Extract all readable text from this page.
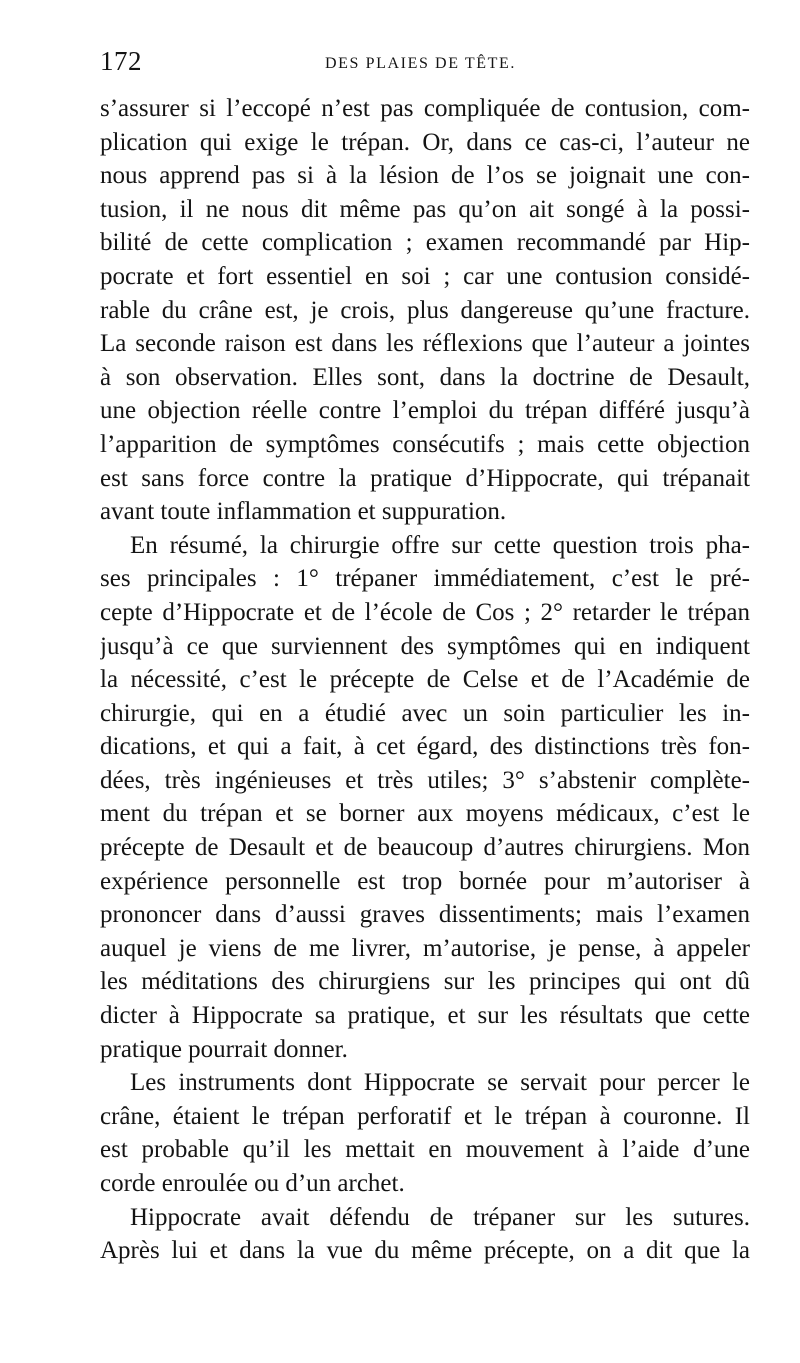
172	DES PLAIES DE TÊTE.
s’assurer si l’eccopé n’est pas compliquée de contusion, com-
plication qui exige le trépan. Or, dans ce cas-ci, l’auteur ne
nous apprend pas si à la lésion de l’os se joignait une con-
tusion, il ne nous dit même pas qu’on ait songé à la possi-
bilité de cette complication ; examen recommandé par Hip-
pocrate et fort essentiel en soi ; car une contusion considé-
rable du crâne est, je crois, plus dangereuse qu’une fracture.
La seconde raison est dans les réflexions que l’auteur a jointes
à son observation. Elles sont, dans la doctrine de Desault,
une objection réelle contre l’emploi du trépan différé jusqu’à
l’apparition de symptômes consécutifs ; mais cette objection
est sans force contre la pratique d’Hippocrate, qui trépanait
avant toute inflammation et suppuration.
En résumé, la chirurgie offre sur cette question trois pha-
ses principales : 1° trépaner immédiatement, c’est le pré-
cepte d’Hippocrate et de l’école de Cos ; 2° retarder le trépan
jusqu’à ce que surviennent des symptômes qui en indiquent
la nécessité, c’est le précepte de Celse et de l’Académie de
chirurgie, qui en a étudié avec un soin particulier les in-
dications, et qui a fait, à cet égard, des distinctions très fon-
dées, très ingénieuses et très utiles; 3° s’abstenir complète-
ment du trépan et se borner aux moyens médicaux, c’est le
précepte de Desault et de beaucoup d’autres chirurgiens. Mon
expérience personnelle est trop bornée pour m’autoriser à
prononcer dans d’aussi graves dissentiments; mais l’examen
auquel je viens de me livrer, m’autorise, je pense, à appeler
les méditations des chirurgiens sur les principes qui ont dû
dicter à Hippocrate sa pratique, et sur les résultats que cette
pratique pourrait donner.
Les instruments dont Hippocrate se servait pour percer le
crâne, étaient le trépan perforatif et le trépan à couronne. Il
est probable qu’il les mettait en mouvement à l’aide d’une
corde enroulée ou d’un archet.
Hippocrate avait défendu de trépaner sur les sutures.
Après lui et dans la vue du même précepte, on a dit que la
